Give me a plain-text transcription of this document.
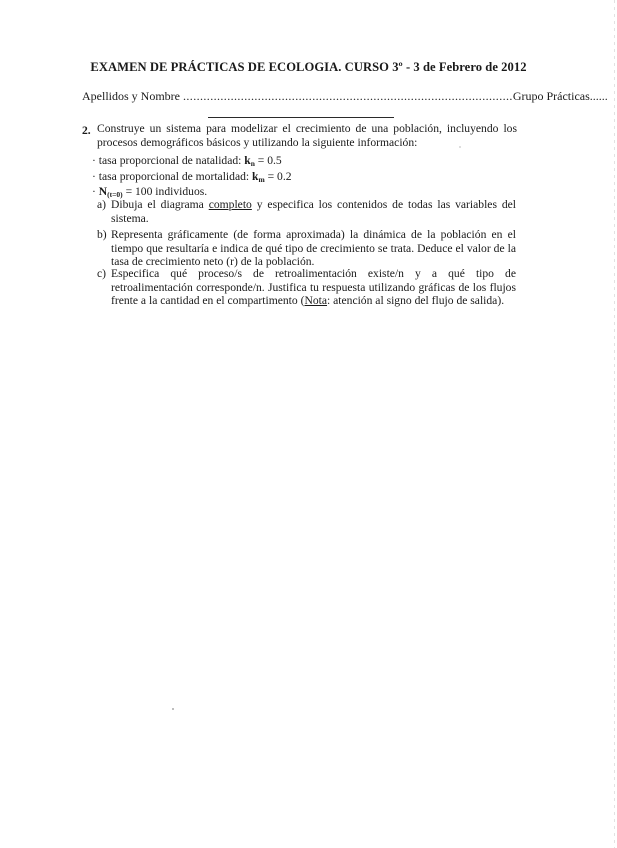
EXAMEN DE PRÁCTICAS DE ECOLOGIA. CURSO 3º - 3 de Febrero de 2012
Apellidos y Nombre .................................................................................................Grupo Prácticas......
2. Construye un sistema para modelizar el crecimiento de una población, incluyendo los procesos demográficos básicos y utilizando la siguiente información:
· tasa proporcional de natalidad: $k_n = 0.5$
· tasa proporcional de mortalidad: $k_m = 0.2$
· $N_{(t=0)} = 100$ individuos.
a) Dibuja el diagrama completo y especifica los contenidos de todas las variables del sistema.
b) Representa gráficamente (de forma aproximada) la dinámica de la población en el tiempo que resultaría e indica de qué tipo de crecimiento se trata. Deduce el valor de la tasa de crecimiento neto (r) de la población.
c) Especifica qué proceso/s de retroalimentación existe/n y a qué tipo de retroalimentación corresponde/n. Justifica tu respuesta utilizando gráficas de los flujos frente a la cantidad en el compartimento (Nota: atención al signo del flujo de salida).
